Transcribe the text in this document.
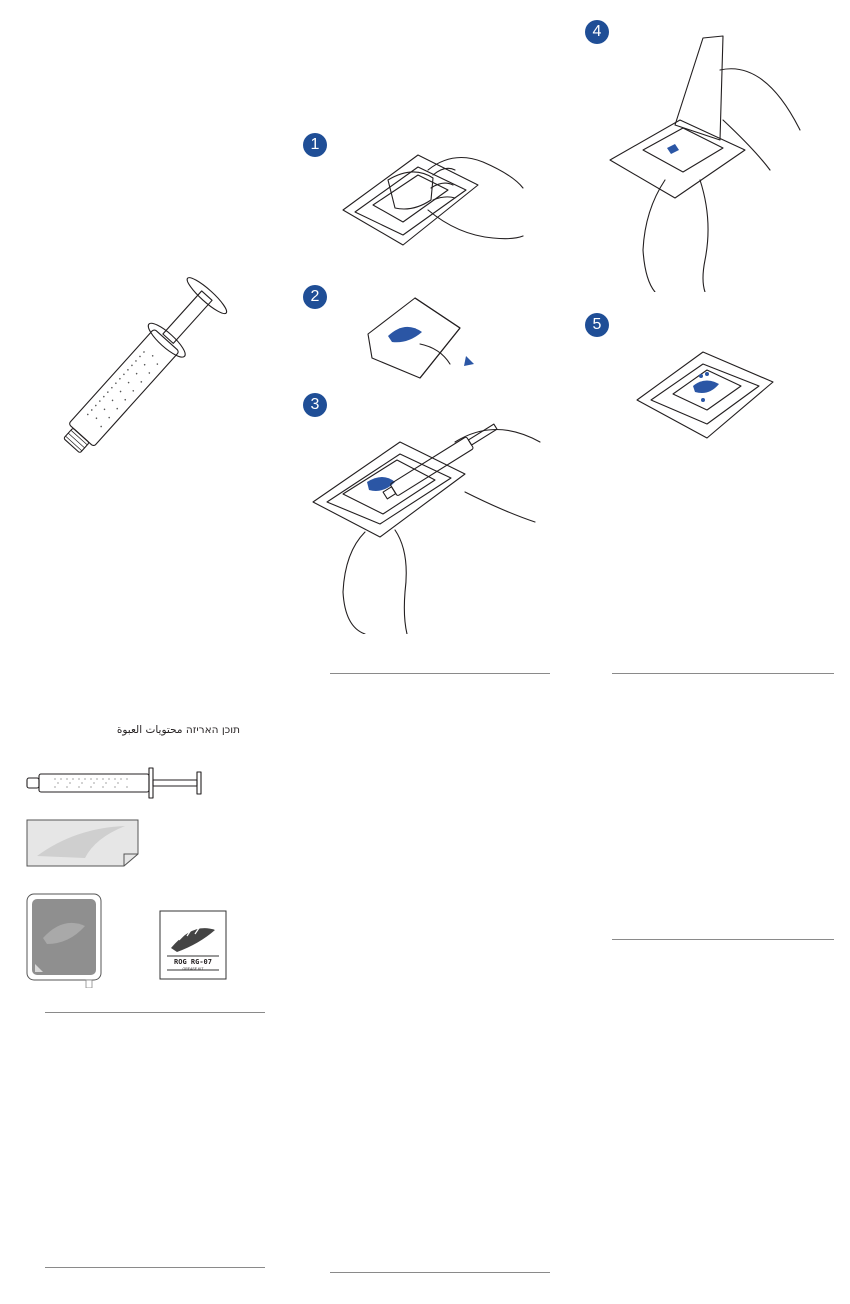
1
2
3
4
5
תוכן האריזה محتويات العبوة
ROG RG-07
GREASE KIT
